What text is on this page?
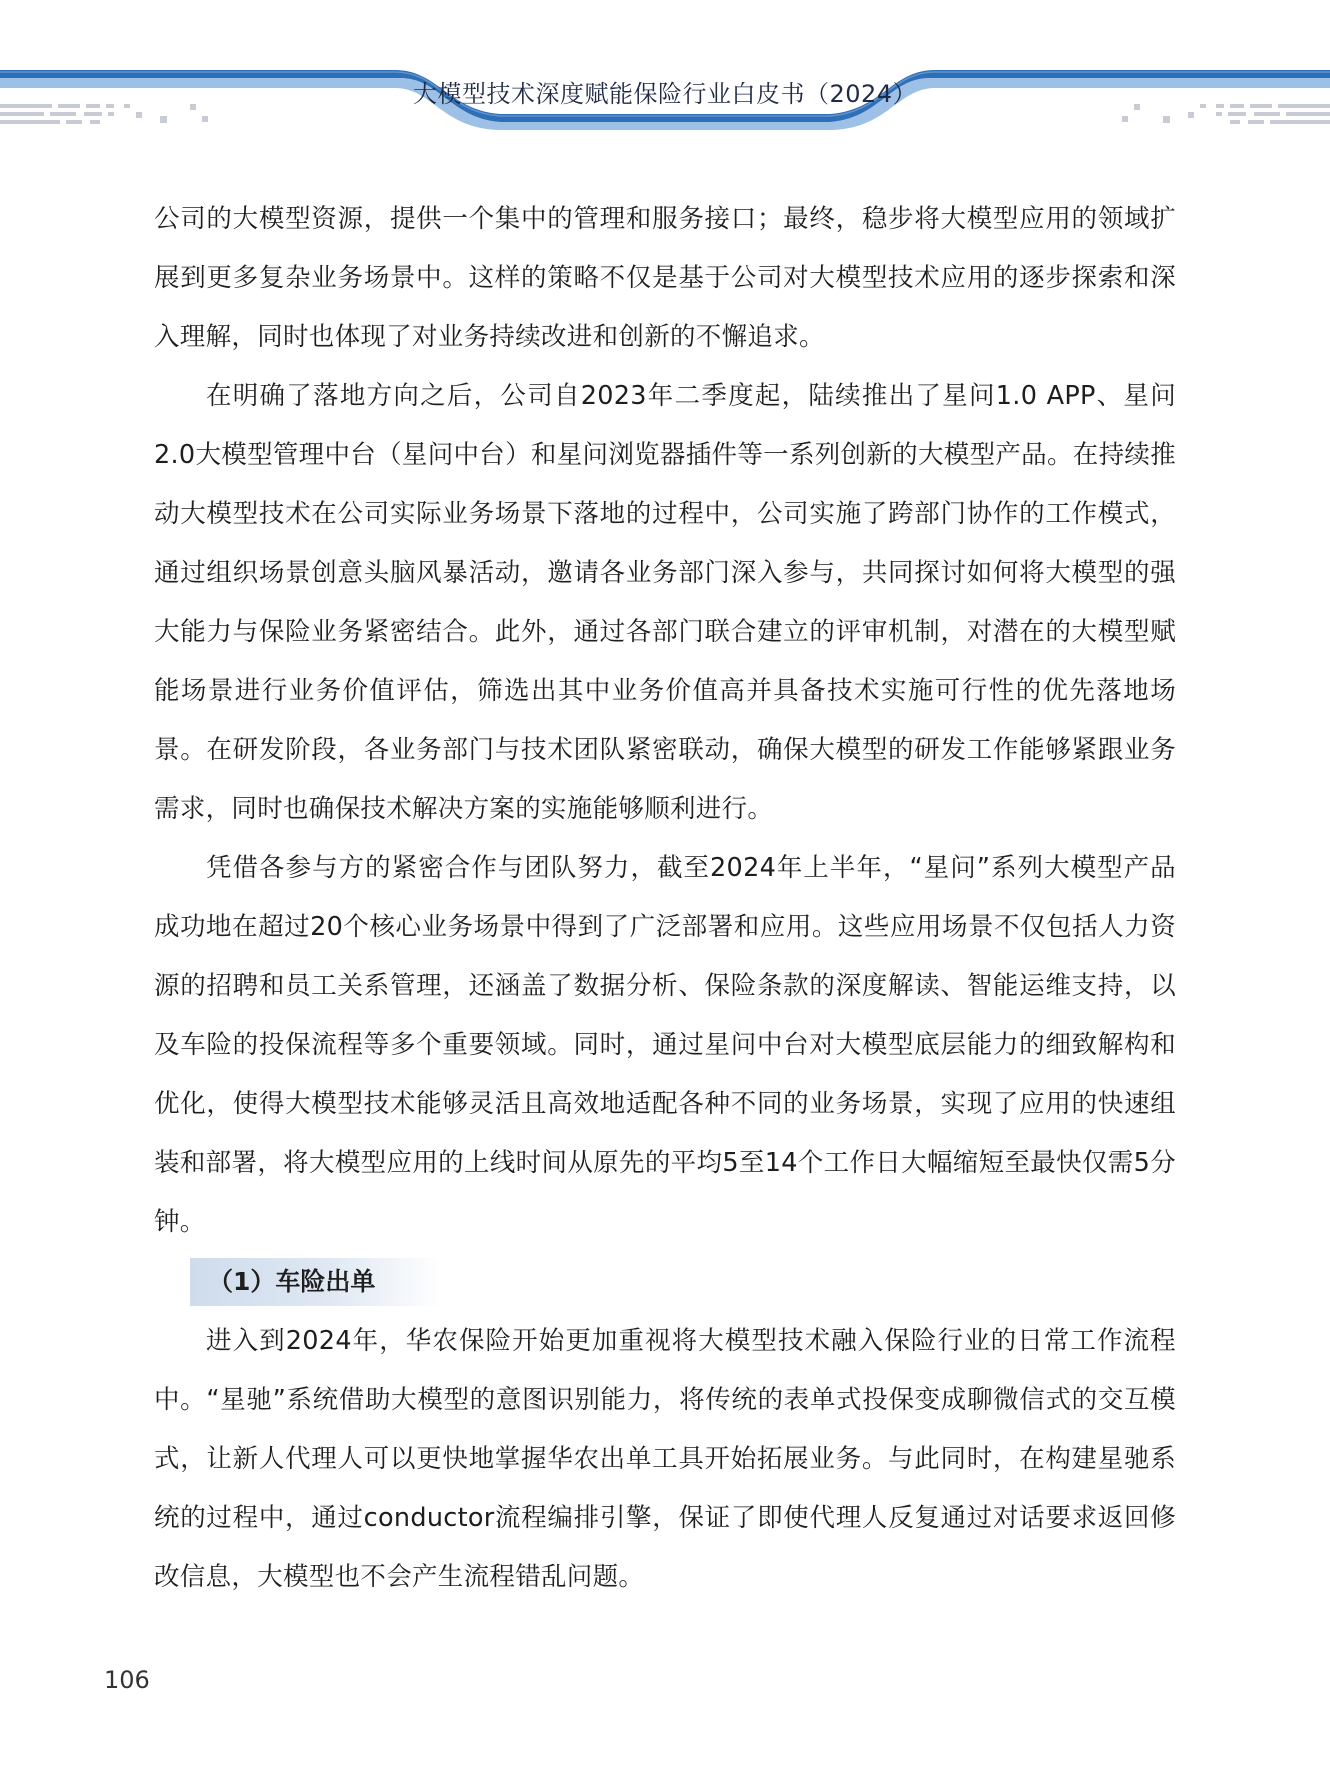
大模型技术深度赋能保险行业白皮书（2024）

公司的大模型资源，提供一个集中的管理和服务接口；最终，稳步将大模型应用的领域扩展到更多复杂业务场景中。这样的策略不仅是基于公司对大模型技术应用的逐步探索和深入理解，同时也体现了对业务持续改进和创新的不懈追求。

在明确了落地方向之后，公司自2023年二季度起，陆续推出了星问1.0 APP、星问2.0大模型管理中台（星问中台）和星问浏览器插件等一系列创新的大模型产品。在持续推动大模型技术在公司实际业务场景下落地的过程中，公司实施了跨部门协作的工作模式，通过组织场景创意头脑风暴活动，邀请各业务部门深入参与，共同探讨如何将大模型的强大能力与保险业务紧密结合。此外，通过各部门联合建立的评审机制，对潜在的大模型赋能场景进行业务价值评估，筛选出其中业务价值高并具备技术实施可行性的优先落地场景。在研发阶段，各业务部门与技术团队紧密联动，确保大模型的研发工作能够紧跟业务需求，同时也确保技术解决方案的实施能够顺利进行。

凭借各参与方的紧密合作与团队努力，截至2024年上半年，“星问”系列大模型产品成功地在超过20个核心业务场景中得到了广泛部署和应用。这些应用场景不仅包括人力资源的招聘和员工关系管理，还涵盖了数据分析、保险条款的深度解读、智能运维支持，以及车险的投保流程等多个重要领域。同时，通过星问中台对大模型底层能力的细致解构和优化，使得大模型技术能够灵活且高效地适配各种不同的业务场景，实现了应用的快速组装和部署，将大模型应用的上线时间从原先的平均5至14个工作日大幅缩短至最快仅需5分钟。

（1）车险出单

进入到2024年，华农保险开始更加重视将大模型技术融入保险行业的日常工作流程中。“星驰”系统借助大模型的意图识别能力，将传统的表单式投保变成聊微信式的交互模式，让新人代理人可以更快地掌握华农出单工具开始拓展业务。与此同时，在构建星驰系统的过程中，通过conductor流程编排引擎，保证了即使代理人反复通过对话要求返回修改信息，大模型也不会产生流程错乱问题。

106
